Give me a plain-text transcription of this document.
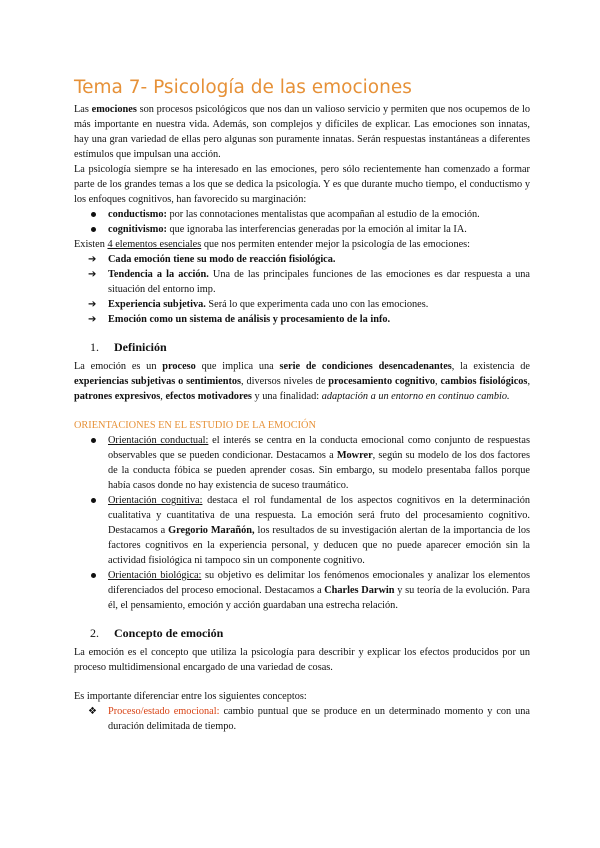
Tema 7- Psicología de las emociones

Las emociones son procesos psicológicos que nos dan un valioso servicio y permiten que nos ocupemos de lo más importante en nuestra vida. Además, son complejos y difíciles de explicar. Las emociones son innatas, hay una gran variedad de ellas pero algunas son puramente innatas. Serán respuestas instantáneas a diferentes estímulos que impulsan una acción.

La psicología siempre se ha interesado en las emociones, pero sólo recientemente han comenzado a formar parte de los grandes temas a los que se dedica la psicología. Y es que durante mucho tiempo, el conductismo y los enfoques cognitivos, han favorecido su marginación:

conductismo: por las connotaciones mentalistas que acompañan al estudio de la emoción.
cognitivismo: que ignoraba las interferencias generadas por la emoción al imitar la IA.

Existen 4 elementos esenciales que nos permiten entender mejor la psicología de las emociones:

➔ Cada emoción tiene su modo de reacción fisiológica.
➔ Tendencia a la acción. Una de las principales funciones de las emociones es dar respuesta a una situación del entorno imp.
➔ Experiencia subjetiva. Será lo que experimenta cada uno con las emociones.
➔ Emoción como un sistema de análisis y procesamiento de la info.
1.	Definición

La emoción es un proceso que implica una serie de condiciones desencadenantes, la existencia de experiencias subjetivas o sentimientos, diversos niveles de procesamiento cognitivo, cambios fisiológicos, patrones expresivos, efectos motivadores y una finalidad: adaptación a un entorno en continuo cambio.

ORIENTACIONES EN EL ESTUDIO DE LA EMOCIÓN

Orientación conductual: el interés se centra en la conducta emocional como conjunto de respuestas observables que se pueden condicionar. Destacamos a Mowrer, según su modelo de los dos factores de la conducta fóbica se pueden aprender cosas. Sin embargo, su modelo presentaba fallos porque había casos donde no hay existencia de suceso traumático.
Orientación cognitiva: destaca el rol fundamental de los aspectos cognitivos en la determinación cualitativa y cuantitativa de una respuesta. La emoción será fruto del procesamiento cognitivo. Destacamos a Gregorio Marañón, los resultados de su investigación alertan de la importancia de los factores cognitivos en la experiencia personal, y deducen que no puede aparecer emoción sin la actividad fisiológica ni tampoco sin un componente cognitivo.
Orientación biológica: su objetivo es delimitar los fenómenos emocionales y analizar los elementos diferenciados del proceso emocional. Destacamos a Charles Darwin y su teoría de la evolución. Para él, el pensamiento, emoción y acción guardaban una estrecha relación.
2.	Concepto de emoción

La emoción es el concepto que utiliza la psicología para describir y explicar los efectos producidos por un proceso multidimensional encargado de una variedad de cosas.

Es importante diferenciar entre los siguientes conceptos:

❖ Proceso/estado emocional: cambio puntual que se produce en un determinado momento y con una duración delimitada de tiempo.
